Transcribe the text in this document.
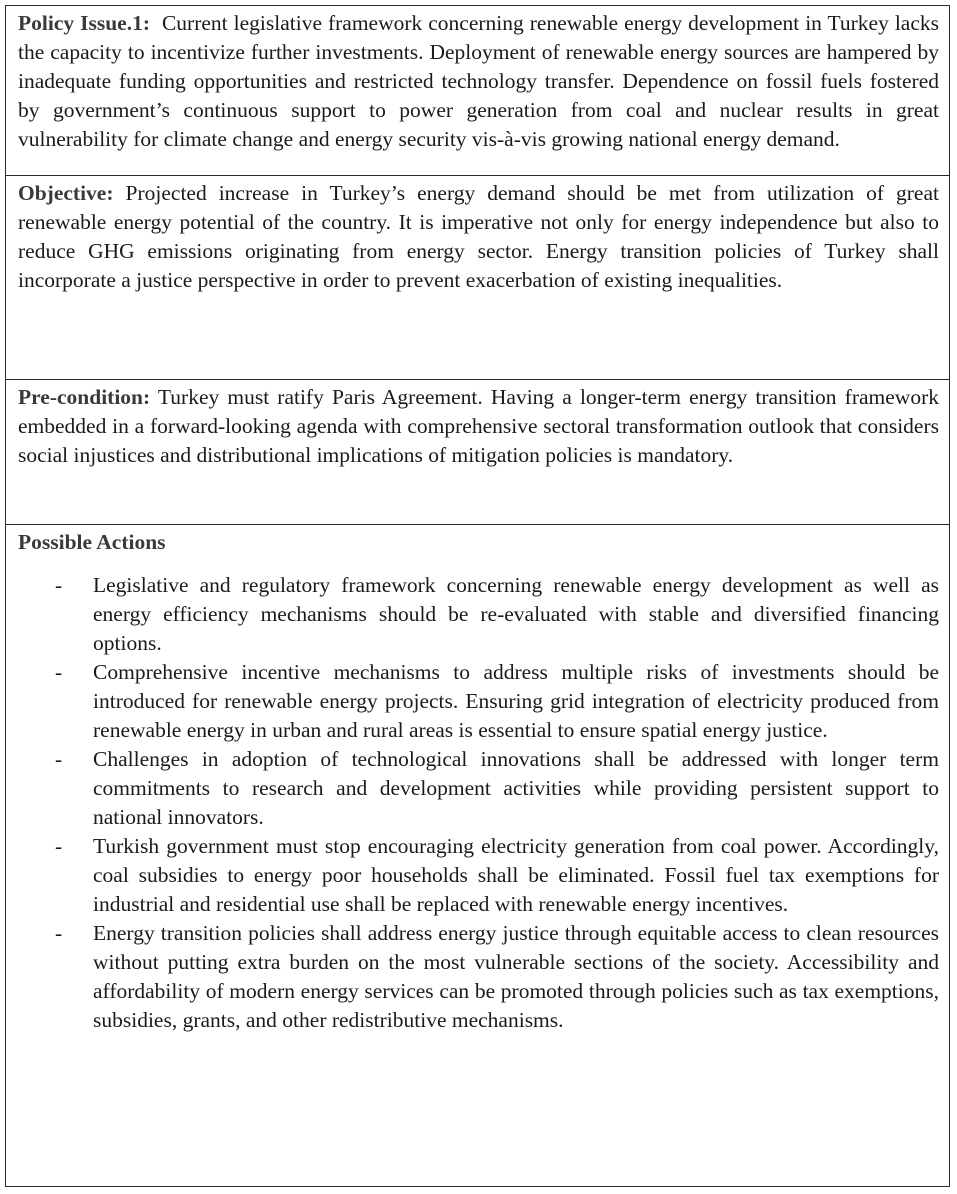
Policy Issue.1: Current legislative framework concerning renewable energy development in Turkey lacks the capacity to incentivize further investments. Deployment of renewable energy sources are hampered by inadequate funding opportunities and restricted technology transfer. Dependence on fossil fuels fostered by government’s continuous support to power generation from coal and nuclear results in great vulnerability for climate change and energy security vis-à-vis growing national energy demand.
Objective: Projected increase in Turkey’s energy demand should be met from utilization of great renewable energy potential of the country. It is imperative not only for energy independence but also to reduce GHG emissions originating from energy sector. Energy transition policies of Turkey shall incorporate a justice perspective in order to prevent exacerbation of existing inequalities.
Pre-condition: Turkey must ratify Paris Agreement. Having a longer-term energy transition framework embedded in a forward-looking agenda with comprehensive sectoral transformation outlook that considers social injustices and distributional implications of mitigation policies is mandatory.
Possible Actions
- Legislative and regulatory framework concerning renewable energy development as well as energy efficiency mechanisms should be re-evaluated with stable and diversified financing options.
- Comprehensive incentive mechanisms to address multiple risks of investments should be introduced for renewable energy projects. Ensuring grid integration of electricity produced from renewable energy in urban and rural areas is essential to ensure spatial energy justice.
- Challenges in adoption of technological innovations shall be addressed with longer term commitments to research and development activities while providing persistent support to national innovators.
- Turkish government must stop encouraging electricity generation from coal power. Accordingly, coal subsidies to energy poor households shall be eliminated. Fossil fuel tax exemptions for industrial and residential use shall be replaced with renewable energy incentives.
- Energy transition policies shall address energy justice through equitable access to clean resources without putting extra burden on the most vulnerable sections of the society. Accessibility and affordability of modern energy services can be promoted through policies such as tax exemptions, subsidies, grants, and other redistributive mechanisms.
